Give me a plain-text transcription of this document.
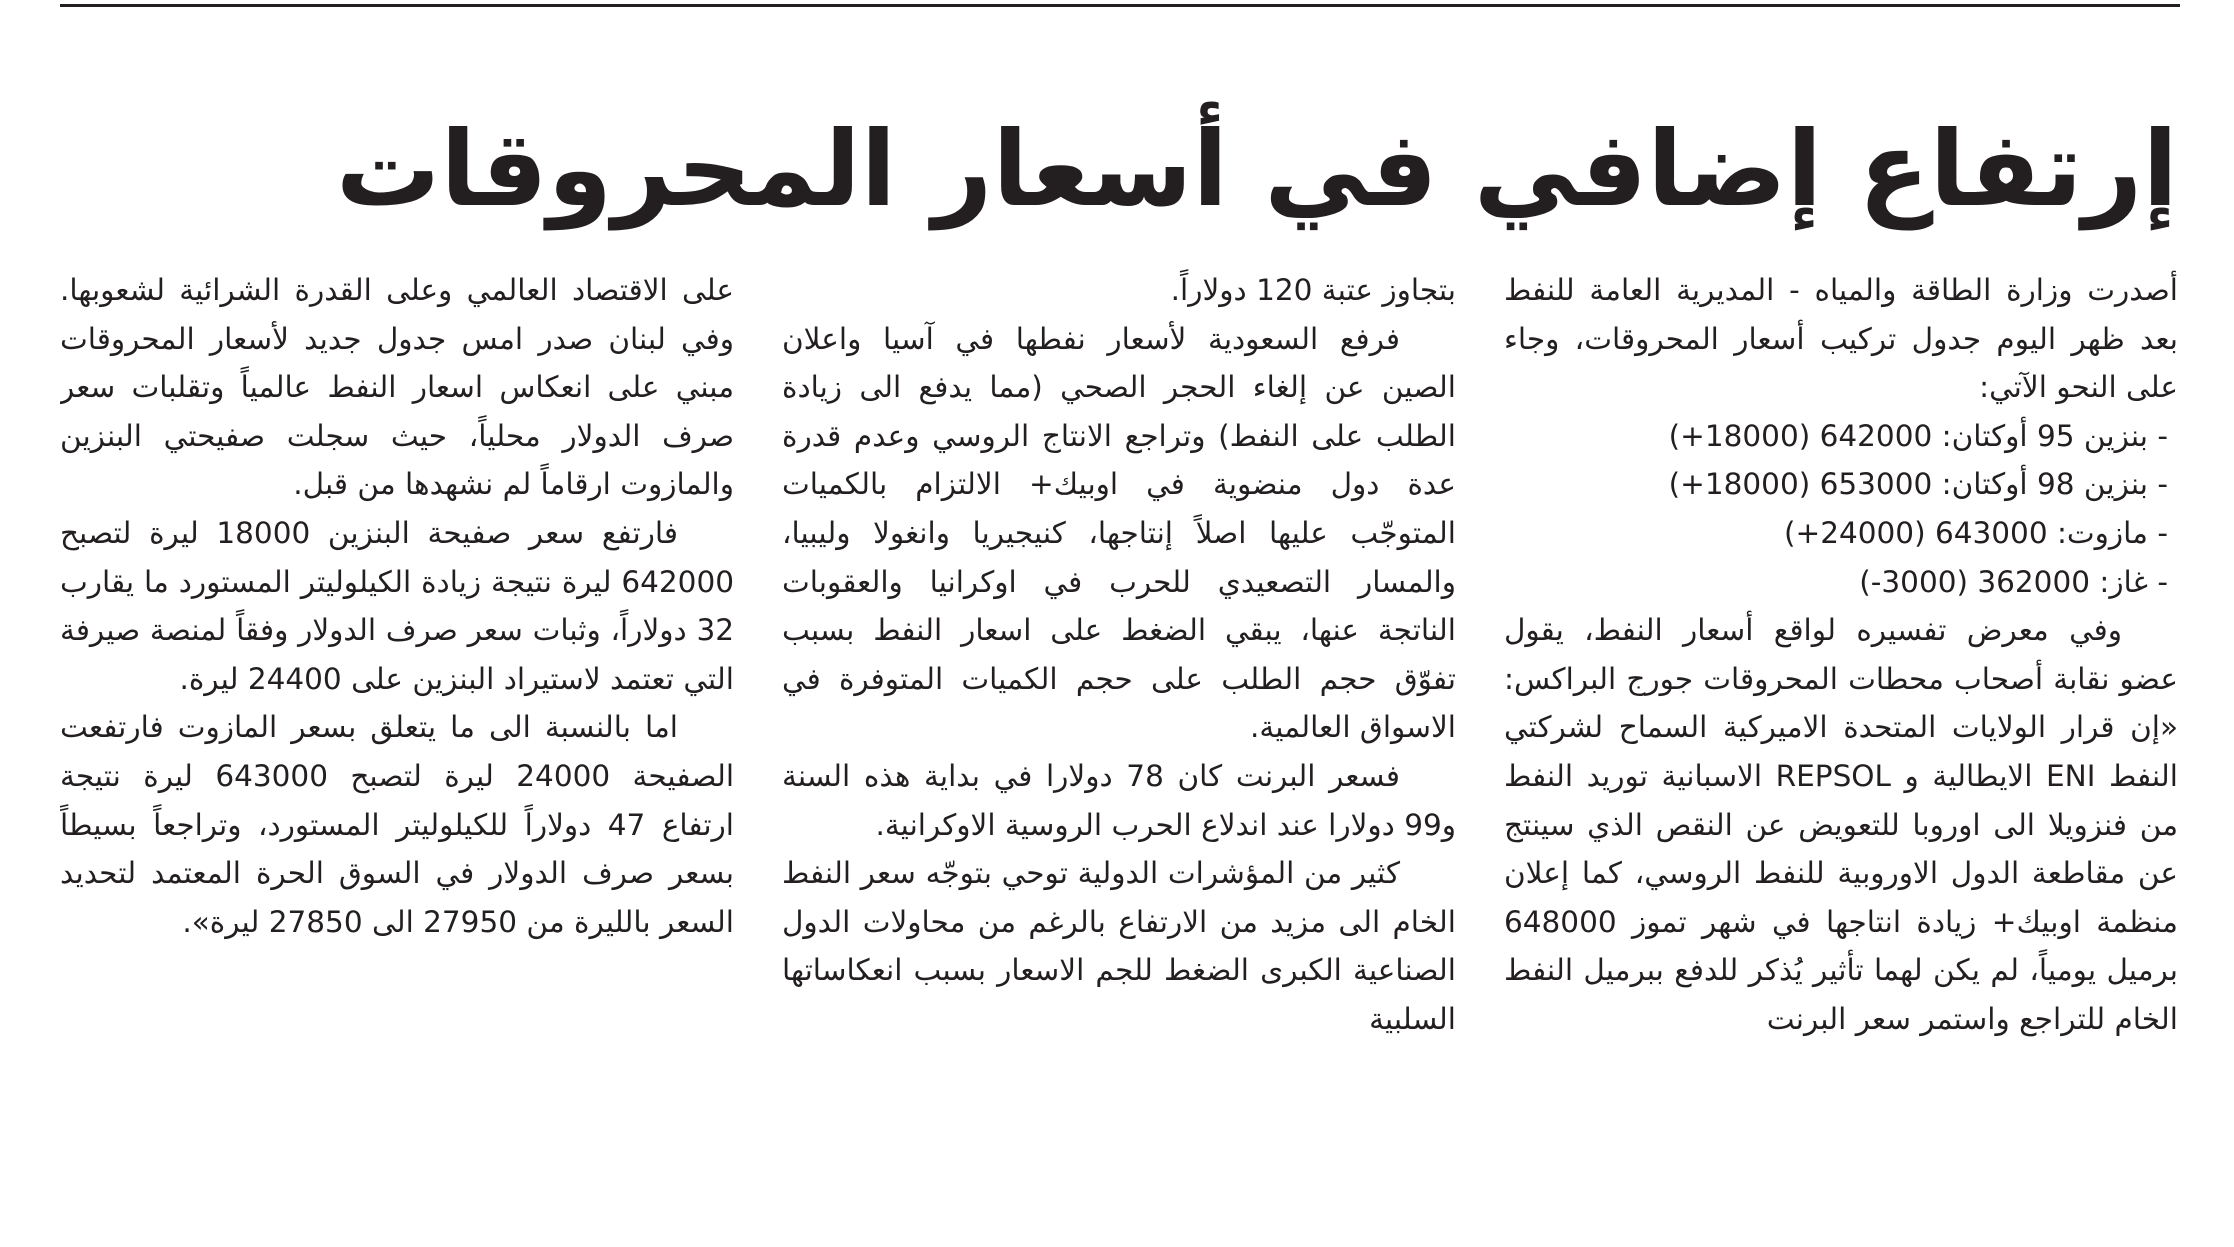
إرتفاع إضافي في أسعار المحروقات

أصدرت وزارة الطاقة والمياه - المديرية العامة للنفط بعد ظهر اليوم جدول تركيب أسعار المحروقات، وجاء على النحو الآتي:

- بنزين 95 أوكتان: 642000 (18000+)

- بنزين 98 أوكتان: 653000 (18000+)

- مازوت: 643000 (24000+)

- غاز: 362000 (3000-)

وفي معرض تفسيره لواقع أسعار النفط، يقول عضو نقابة أصحاب محطات المحروقات جورج البراكس: «إن قرار الولايات المتحدة الاميركية السماح لشركتي النفط ENI الايطالية و REPSOL الاسبانية توريد النفط من فنزويلا الى اوروبا للتعويض عن النقص الذي سينتج عن مقاطعة الدول الاوروبية للنفط الروسي، كما إعلان منظمة اوبيك+ زيادة انتاجها في شهر تموز 648000 برميل يومياً، لم يكن لهما تأثير يُذكر للدفع ببرميل النفط الخام للتراجع واستمر سعر البرنت

بتجاوز عتبة 120 دولاراً.

فرفع السعودية لأسعار نفطها في آسيا واعلان الصين عن إلغاء الحجر الصحي (مما يدفع الى زيادة الطلب على النفط) وتراجع الانتاج الروسي وعدم قدرة عدة دول منضوية في اوبيك+ الالتزام بالكميات المتوجّب عليها اصلاً إنتاجها، كنيجيريا وانغولا وليبيا، والمسار التصعيدي للحرب في اوكرانيا والعقوبات الناتجة عنها، يبقي الضغط على اسعار النفط بسبب تفوّق حجم الطلب على حجم الكميات المتوفرة في الاسواق العالمية.

فسعر البرنت كان 78 دولارا في بداية هذه السنة و99 دولارا عند اندلاع الحرب الروسية الاوكرانية.

كثير من المؤشرات الدولية توحي بتوجّه سعر النفط الخام الى مزيد من الارتفاع بالرغم من محاولات الدول الصناعية الكبرى الضغط للجم الاسعار بسبب انعكاساتها السلبية

على الاقتصاد العالمي وعلى القدرة الشرائية لشعوبها. وفي لبنان صدر امس جدول جديد لأسعار المحروقات مبني على انعكاس اسعار النفط عالمياً وتقلبات سعر صرف الدولار محلياً، حيث سجلت صفيحتي البنزين والمازوت ارقاماً لم نشهدها من قبل.

فارتفع سعر صفيحة البنزين 18000 ليرة لتصبح 642000 ليرة نتيجة زيادة الكيلوليتر المستورد ما يقارب 32 دولاراً، وثبات سعر صرف الدولار وفقاً لمنصة صيرفة التي تعتمد لاستيراد البنزين على 24400 ليرة.

اما بالنسبة الى ما يتعلق بسعر المازوت فارتفعت الصفيحة 24000 ليرة لتصبح 643000 ليرة نتيجة ارتفاع 47 دولاراً للكيلوليتر المستورد، وتراجعاً بسيطاً بسعر صرف الدولار في السوق الحرة المعتمد لتحديد السعر بالليرة من 27950 الى 27850 ليرة».
